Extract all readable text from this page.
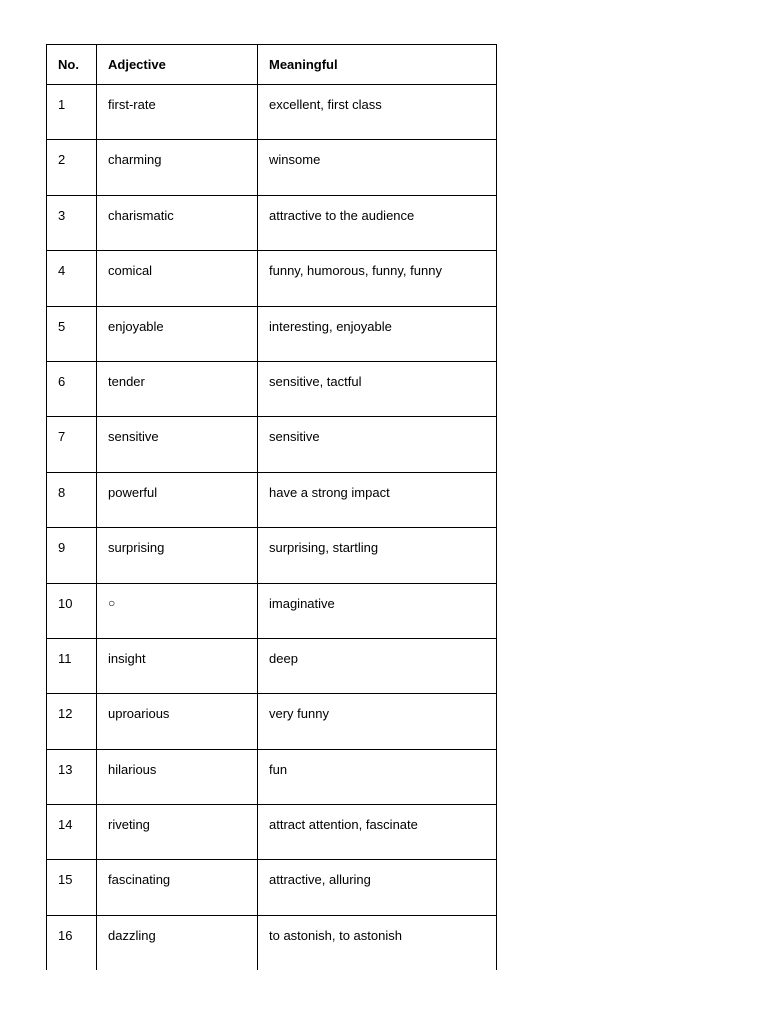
No.	Adjective	Meaningful
1	first-rate	excellent, first class
2	charming	winsome
3	charismatic	attractive to the audience
4	comical	funny, humorous, funny, funny
5	enjoyable	interesting, enjoyable
6	tender	sensitive, tactful
7	sensitive	sensitive
8	powerful	have a strong impact
9	surprising	surprising, startling
10	○	imaginative
11	insight	deep
12	uproarious	very funny
13	hilarious	fun
14	riveting	attract attention, fascinate
15	fascinating	attractive, alluring
16	dazzling	to astonish, to astonish
